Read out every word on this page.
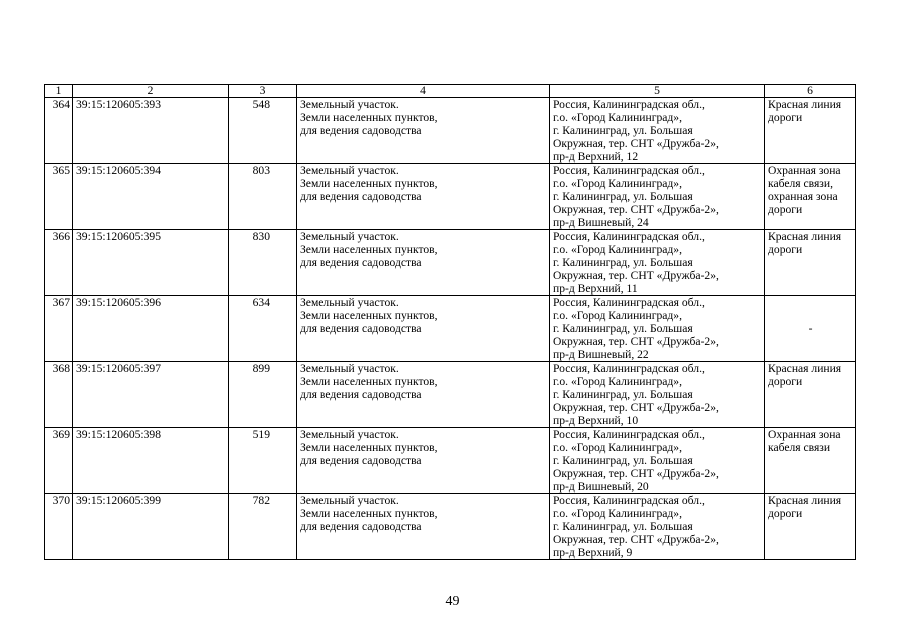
1	2	3	4	5	6
364	39:15:120605:393	548	Земельный участок.
Земли населенных пунктов,
для ведения садоводства	Россия, Калининградская обл.,
г.о. «Город Калининград»,
г. Калининград, ул. Большая
Окружная, тер. СНТ «Дружба-2»,
пр-д Верхний, 12	Красная линия
дороги

365	39:15:120605:394	803	Земельный участок.
Земли населенных пунктов,
для ведения садоводства	Россия, Калининградская обл.,
г.о. «Город Калининград»,
г. Калининград, ул. Большая
Окружная, тер. СНТ «Дружба-2»,
пр-д Вишневый, 24	Охранная зона
кабеля связи,
охранная зона
дороги

366	39:15:120605:395	830	Земельный участок.
Земли населенных пунктов,
для ведения садоводства	Россия, Калининградская обл.,
г.о. «Город Калининград»,
г. Калининград, ул. Большая
Окружная, тер. СНТ «Дружба-2»,
пр-д Верхний, 11	Красная линия
дороги

367	39:15:120605:396	634	Земельный участок.
Земли населенных пунктов,
для ведения садоводства	Россия, Калининградская обл.,
г.о. «Город Калининград»,
г. Калининград, ул. Большая
Окружная, тер. СНТ «Дружба-2»,
пр-д Вишневый, 22	-

368	39:15:120605:397	899	Земельный участок.
Земли населенных пунктов,
для ведения садоводства	Россия, Калининградская обл.,
г.о. «Город Калининград»,
г. Калининград, ул. Большая
Окружная, тер. СНТ «Дружба-2»,
пр-д Верхний, 10	Красная линия
дороги

369	39:15:120605:398	519	Земельный участок.
Земли населенных пунктов,
для ведения садоводства	Россия, Калининградская обл.,
г.о. «Город Калининград»,
г. Калининград, ул. Большая
Окружная, тер. СНТ «Дружба-2»,
пр-д Вишневый, 20	Охранная зона
кабеля связи

370	39:15:120605:399	782	Земельный участок.
Земли населенных пунктов,
для ведения садоводства	Россия, Калининградская обл.,
г.о. «Город Калининград»,
г. Калининград, ул. Большая
Окружная, тер. СНТ «Дружба-2»,
пр-д Верхний, 9	Красная линия
дороги
49
